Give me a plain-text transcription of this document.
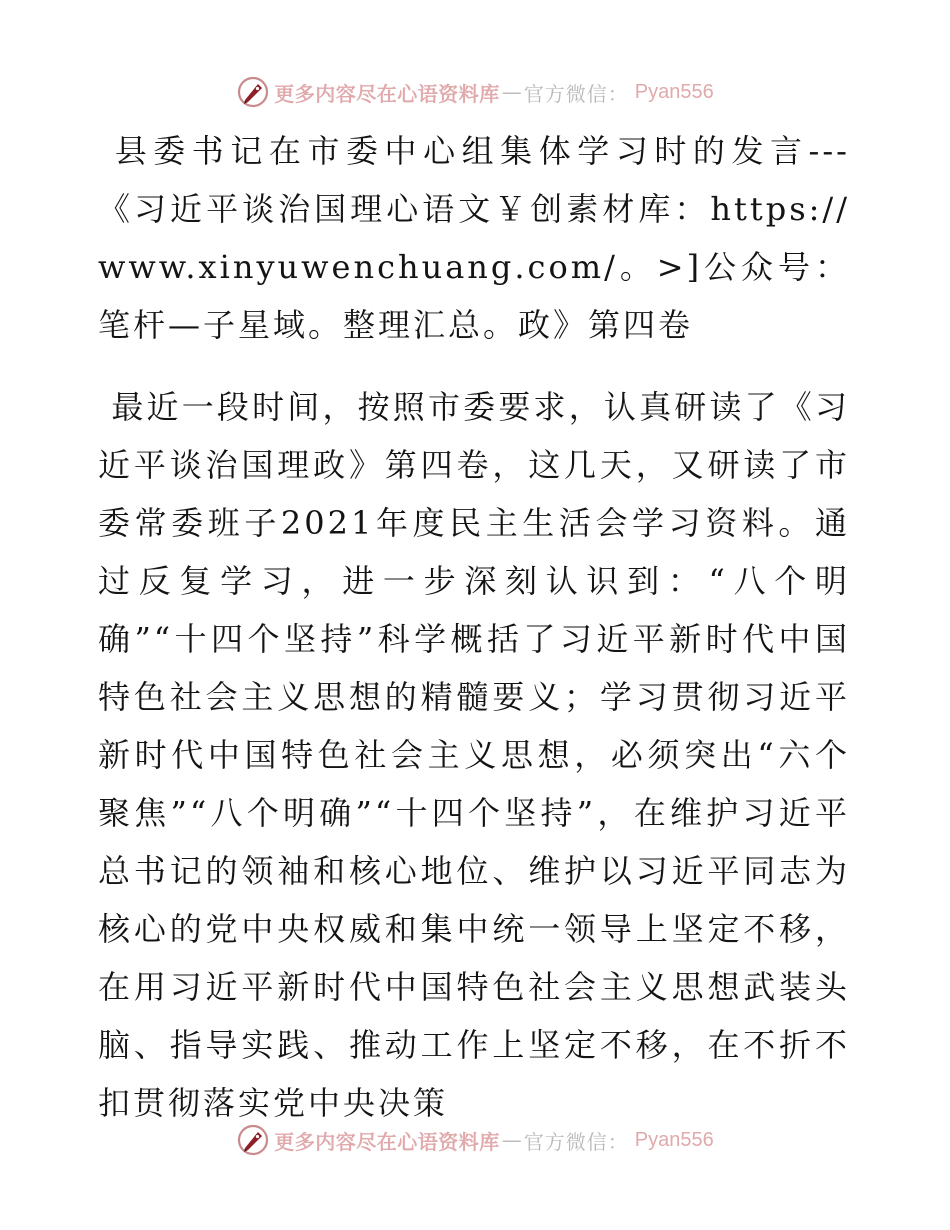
更多内容尽在心语资料库 — 官方微信： Pyan556

县委书记在市委中心组集体学习时的发言---《习近平谈治国理心语文￥创素材库：https://www.xinyuwenchuang.com/。>]公众号：笔杆—子星域。整理汇总。政》第四卷

最近一段时间，按照市委要求，认真研读了《习近平谈治国理政》第四卷，这几天，又研读了市委常委班子2021年度民主生活会学习资料。通过反复学习，进一步深刻认识到：“八个明确”“十四个坚持”科学概括了习近平新时代中国特色社会主义思想的精髓要义；学习贯彻习近平新时代中国特色社会主义思想，必须突出“六个聚焦”“八个明确”“十四个坚持”，在维护习近平总书记的领袖和核心地位、维护以习近平同志为核心的党中央权威和集中统一领导上坚定不移，在用习近平新时代中国特色社会主义思想武装头脑、指导实践、推动工作上坚定不移，在不折不扣贯彻落实党中央决策

更多内容尽在心语资料库 — 官方微信： Pyan556
